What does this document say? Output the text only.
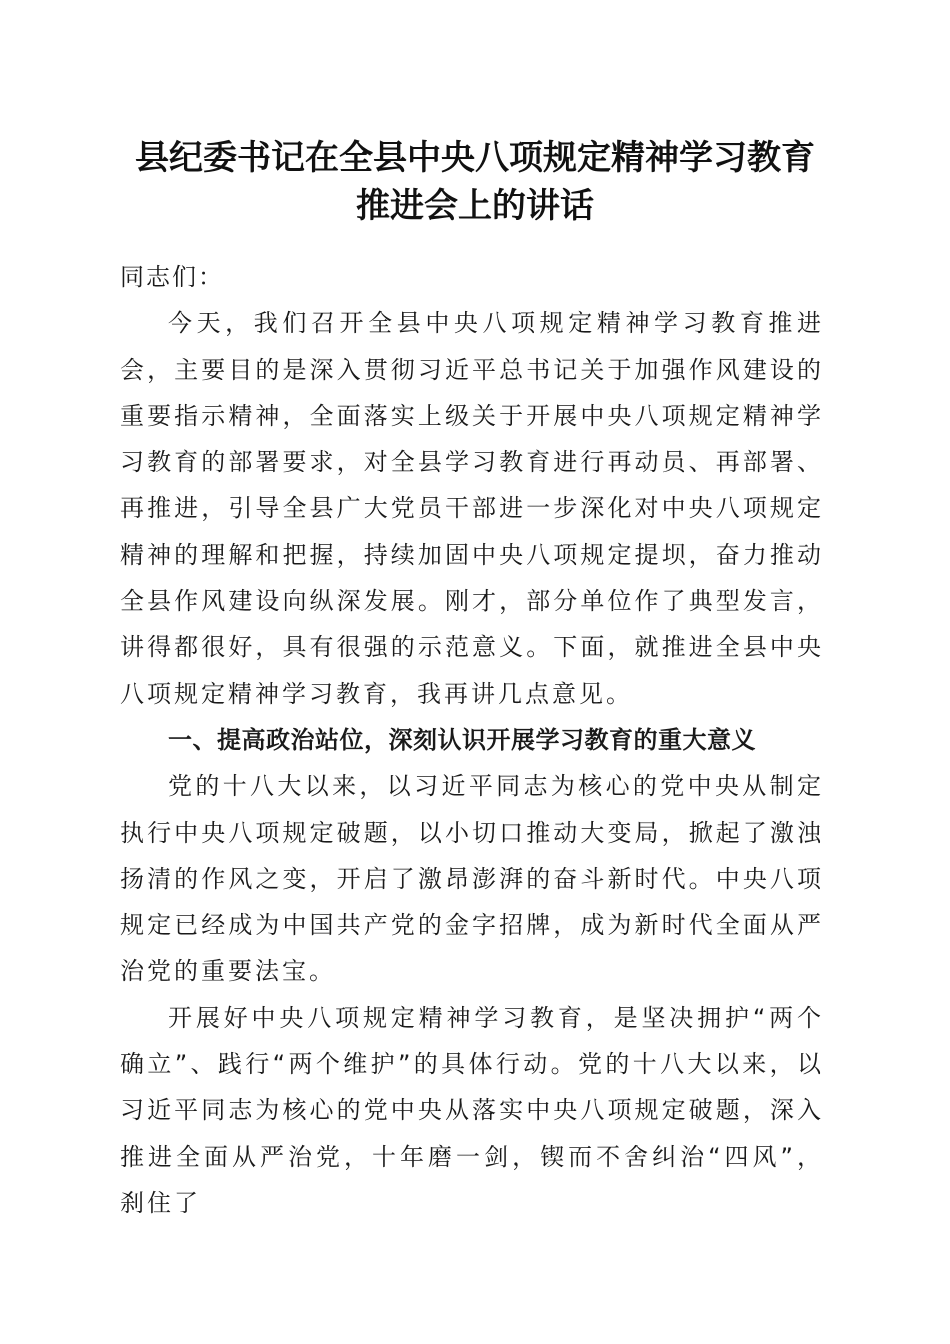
县纪委书记在全县中央八项规定精神学习教育
推进会上的讲话

同志们：

今天，我们召开全县中央八项规定精神学习教育推进会，主要目的是深入贯彻习近平总书记关于加强作风建设的重要指示精神，全面落实上级关于开展中央八项规定精神学习教育的部署要求，对全县学习教育进行再动员、再部署、再推进，引导全县广大党员干部进一步深化对中央八项规定精神的理解和把握，持续加固中央八项规定提坝，奋力推动全县作风建设向纵深发展。刚才，部分单位作了典型发言，讲得都很好，具有很强的示范意义。下面，就推进全县中央八项规定精神学习教育，我再讲几点意见。

一、提高政治站位，深刻认识开展学习教育的重大意义

党的十八大以来，以习近平同志为核心的党中央从制定执行中央八项规定破题，以小切口推动大变局，掀起了激浊扬清的作风之变，开启了激昂澎湃的奋斗新时代。中央八项规定已经成为中国共产党的金字招牌，成为新时代全面从严治党的重要法宝。

开展好中央八项规定精神学习教育，是坚决拥护“两个确立”、践行“两个维护”的具体行动。党的十八大以来，以习近平同志为核心的党中央从落实中央八项规定破题，深入推进全面从严治党，十年磨一剑，锲而不舍纠治“四风”，刹住了
